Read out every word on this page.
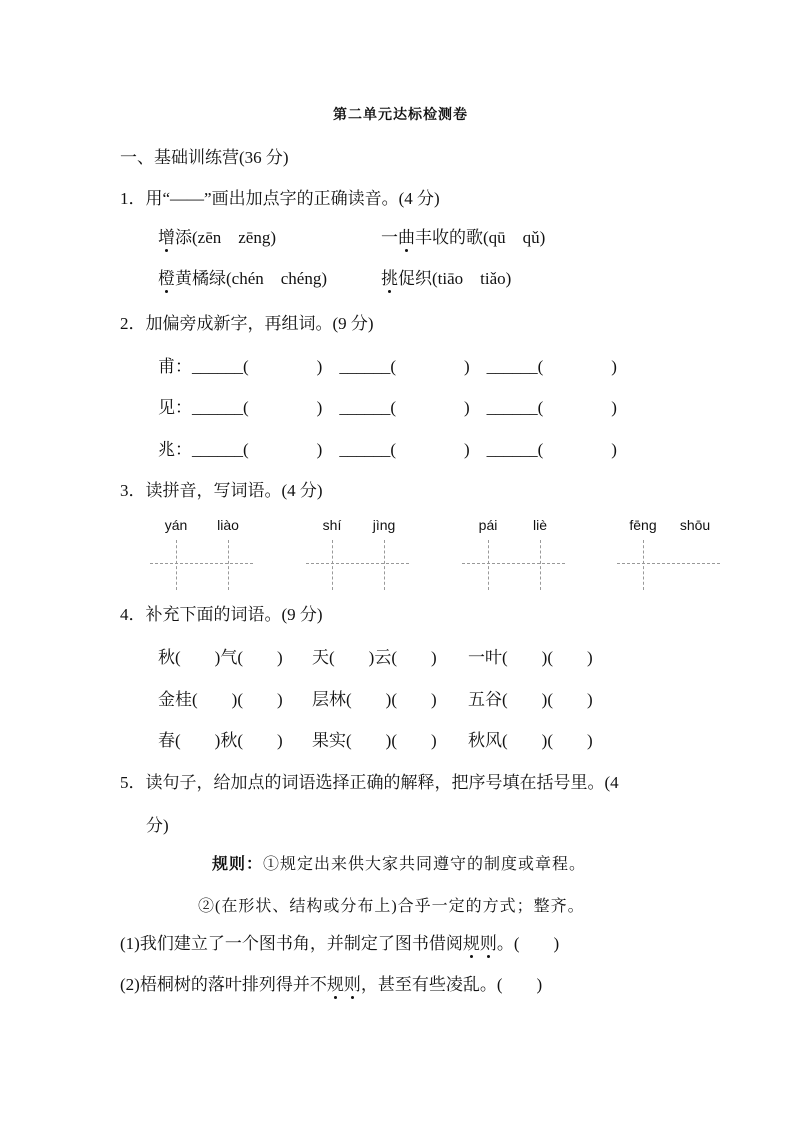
第二单元达标检测卷
一、基础训练营(36 分)
1．用“——”画出加点字的正确读音。(4 分)
增添(zēn　zēng)	一曲丰收的歌(qū　qǔ)
橙黄橘绿(chén　chéng)	挑促织(tiāo　tiǎo)
2．加偏旁成新字，再组词。(9 分)
甫：______(　　　　)　______(　　　　)　______(　　　　)
见：______(　　　　)　______(　　　　)　______(　　　　)
兆：______(　　　　)　______(　　　　)　______(　　　　)
3．读拼音，写词语。(4 分)
yán liào	shí jìng	pái	liè	fēng shōu
4．补充下面的词语。(9 分)
秋(　　)气(　　) 天(　　)云(　　) 一叶(　　)(　　)
金桂(　　)(　　) 层林(　　)(　　) 五谷(　　)(　　)
春(　　)秋(　　) 果实(　　)(　　) 秋风(　　)(　　)
5．读句子，给加点的词语选择正确的解释，把序号填在括号里。(4
分)
规则：①规定出来供大家共同遵守的制度或章程。
②(在形状、结构或分布上)合乎一定的方式；整齐。
(1)我们建立了一个图书角，并制定了图书借阅规则。(　　)
(2)梧桐树的落叶排列得并不规则，甚至有些凌乱。(　　)
